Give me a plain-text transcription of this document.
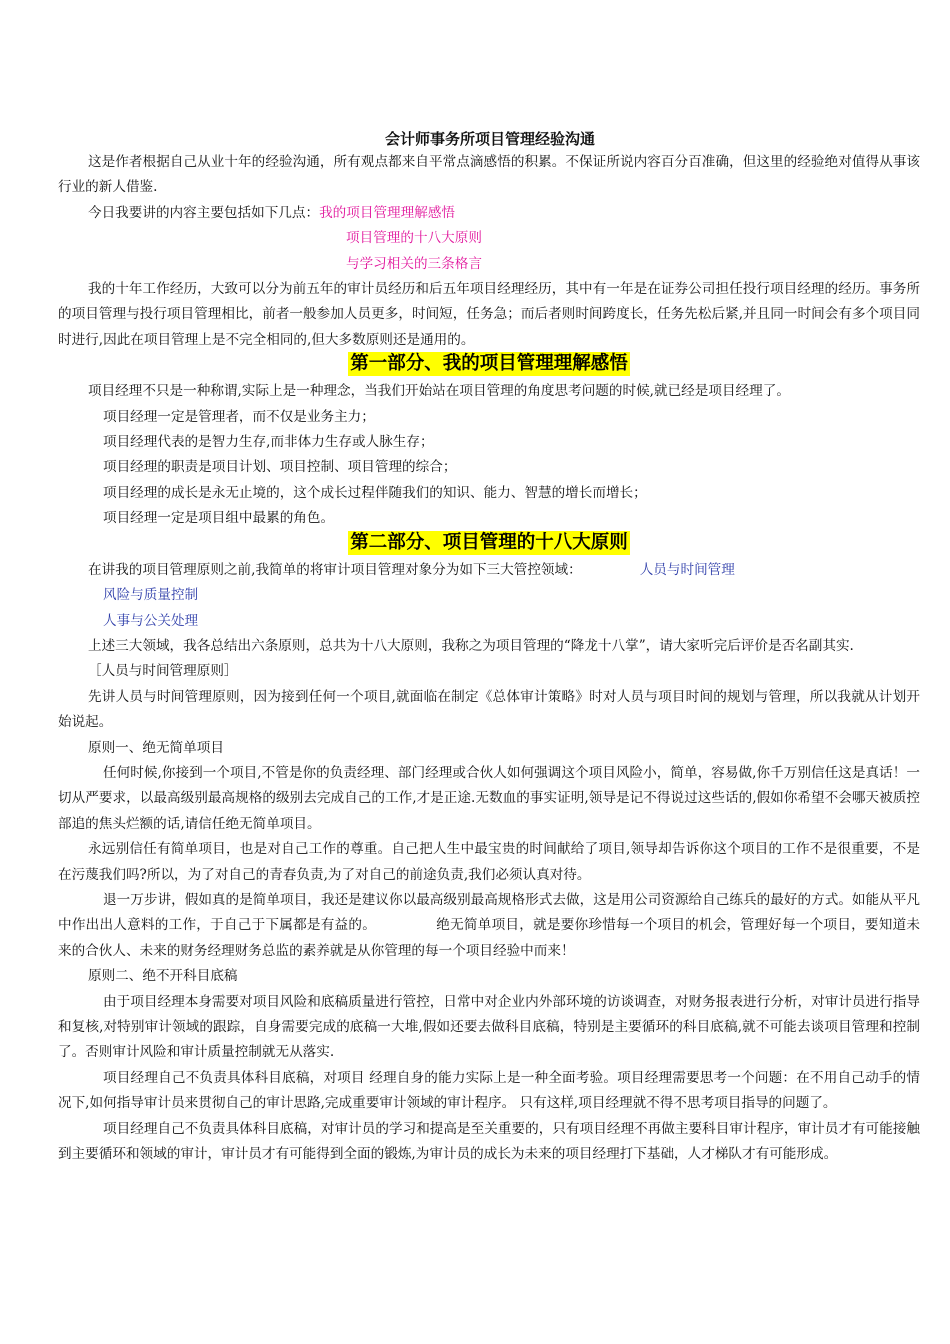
会计师事务所项目管理经验沟通

这是作者根据自己从业十年的经验沟通，所有观点都来自平常点滴感悟的积累。不保证所说内容百分百准确，但这里的经验绝对值得从事该行业的新人借鉴.

今日我要讲的内容主要包括如下几点： 我的项目管理理解感悟

项目管理的十八大原则

与学习相关的三条格言

我的十年工作经历，大致可以分为前五年的审计员经历和后五年项目经理经历，其中有一年是在证券公司担任投行项目经理的经历。事务所的项目管理与投行项目管理相比，前者一般参加人员更多，时间短，任务急；而后者则时间跨度长，任务先松后紧,并且同一时间会有多个项目同时进行,因此在项目管理上是不完全相同的,但大多数原则还是通用的。

第一部分、我的项目管理理解感悟

项目经理不只是一种称谓,实际上是一种理念，当我们开始站在项目管理的角度思考问题的时候,就已经是项目经理了。

项目经理一定是管理者，而不仅是业务主力；

项目经理代表的是智力生存,而非体力生存或人脉生存；

项目经理的职责是项目计划、项目控制、项目管理的综合；

项目经理的成长是永无止境的，这个成长过程伴随我们的知识、能力、智慧的增长而增长；

项目经理一定是项目组中最累的角色。

第二部分、项目管理的十八大原则
在讲我的项目管理原则之前,我简单的将审计项目管理对象分为如下三大管控领域：	人员与时间管理

风险与质量控制

人事与公关处理

上述三大领域，我各总结出六条原则，总共为十八大原则，我称之为项目管理的“降龙十八掌”，请大家听完后评价是否名副其实.

［人员与时间管理原则］

先讲人员与时间管理原则，因为接到任何一个项目,就面临在制定《总体审计策略》时对人员与项目时间的规划与管理，所以我就从计划开始说起。

原则一、绝无简单项目

任何时候,你接到一个项目,不管是你的负责经理、部门经理或合伙人如何强调这个项目风险小，简单，容易做,你千万别信任这是真话！一切从严要求，以最高级别最高规格的级别去完成自己的工作,才是正途.无数血的事实证明,领导是记不得说过这些话的,假如你希望不会哪天被质控部追的焦头烂额的话,请信任绝无简单项目。

永远别信任有简单项目，也是对自己工作的尊重。自己把人生中最宝贵的时间献给了项目,领导却告诉你这个项目的工作不是很重要，不是在污蔑我们吗?所以，为了对自己的青春负责,为了对自己的前途负责,我们必须认真对待。

退一万步讲，假如真的是简单项目，我还是建议你以最高级别最高规格形式去做，这是用公司资源给自己练兵的最好的方式。如能从平凡中作出出人意料的工作，于自己于下属都是有益的。	绝无简单项目，就是要你珍惜每一个项目的机会，管理好每一个项目，要知道未来的合伙人、未来的财务经理财务总监的素养就是从你管理的每一个项目经验中而来！

原则二、绝不开科目底稿

由于项目经理本身需要对项目风险和底稿质量进行管控，日常中对企业内外部环境的访谈调查，对财务报表进行分析，对审计员进行指导和复核,对特别审计领域的跟踪，自身需要完成的底稿一大堆,假如还要去做科目底稿，特别是主要循环的科目底稿,就不可能去谈项目管理和控制了。否则审计风险和审计质量控制就无从落实.

项目经理自己不负责具体科目底稿，对项目 经理自身的能力实际上是一种全面考验。项目经理需要思考一个问题：在不用自己动手的情况下,如何指导审计员来贯彻自己的审计思路,完成重要审计领域的审计程序。 只有这样,项目经理就不得不思考项目指导的问题了。

项目经理自己不负责具体科目底稿，对审计员的学习和提高是至关重要的，只有项目经理不再做主要科目审计程序，审计员才有可能接触到主要循环和领域的审计，审计员才有可能得到全面的锻炼,为审计员的成长为未来的项目经理打下基础，人才梯队才有可能形成。
